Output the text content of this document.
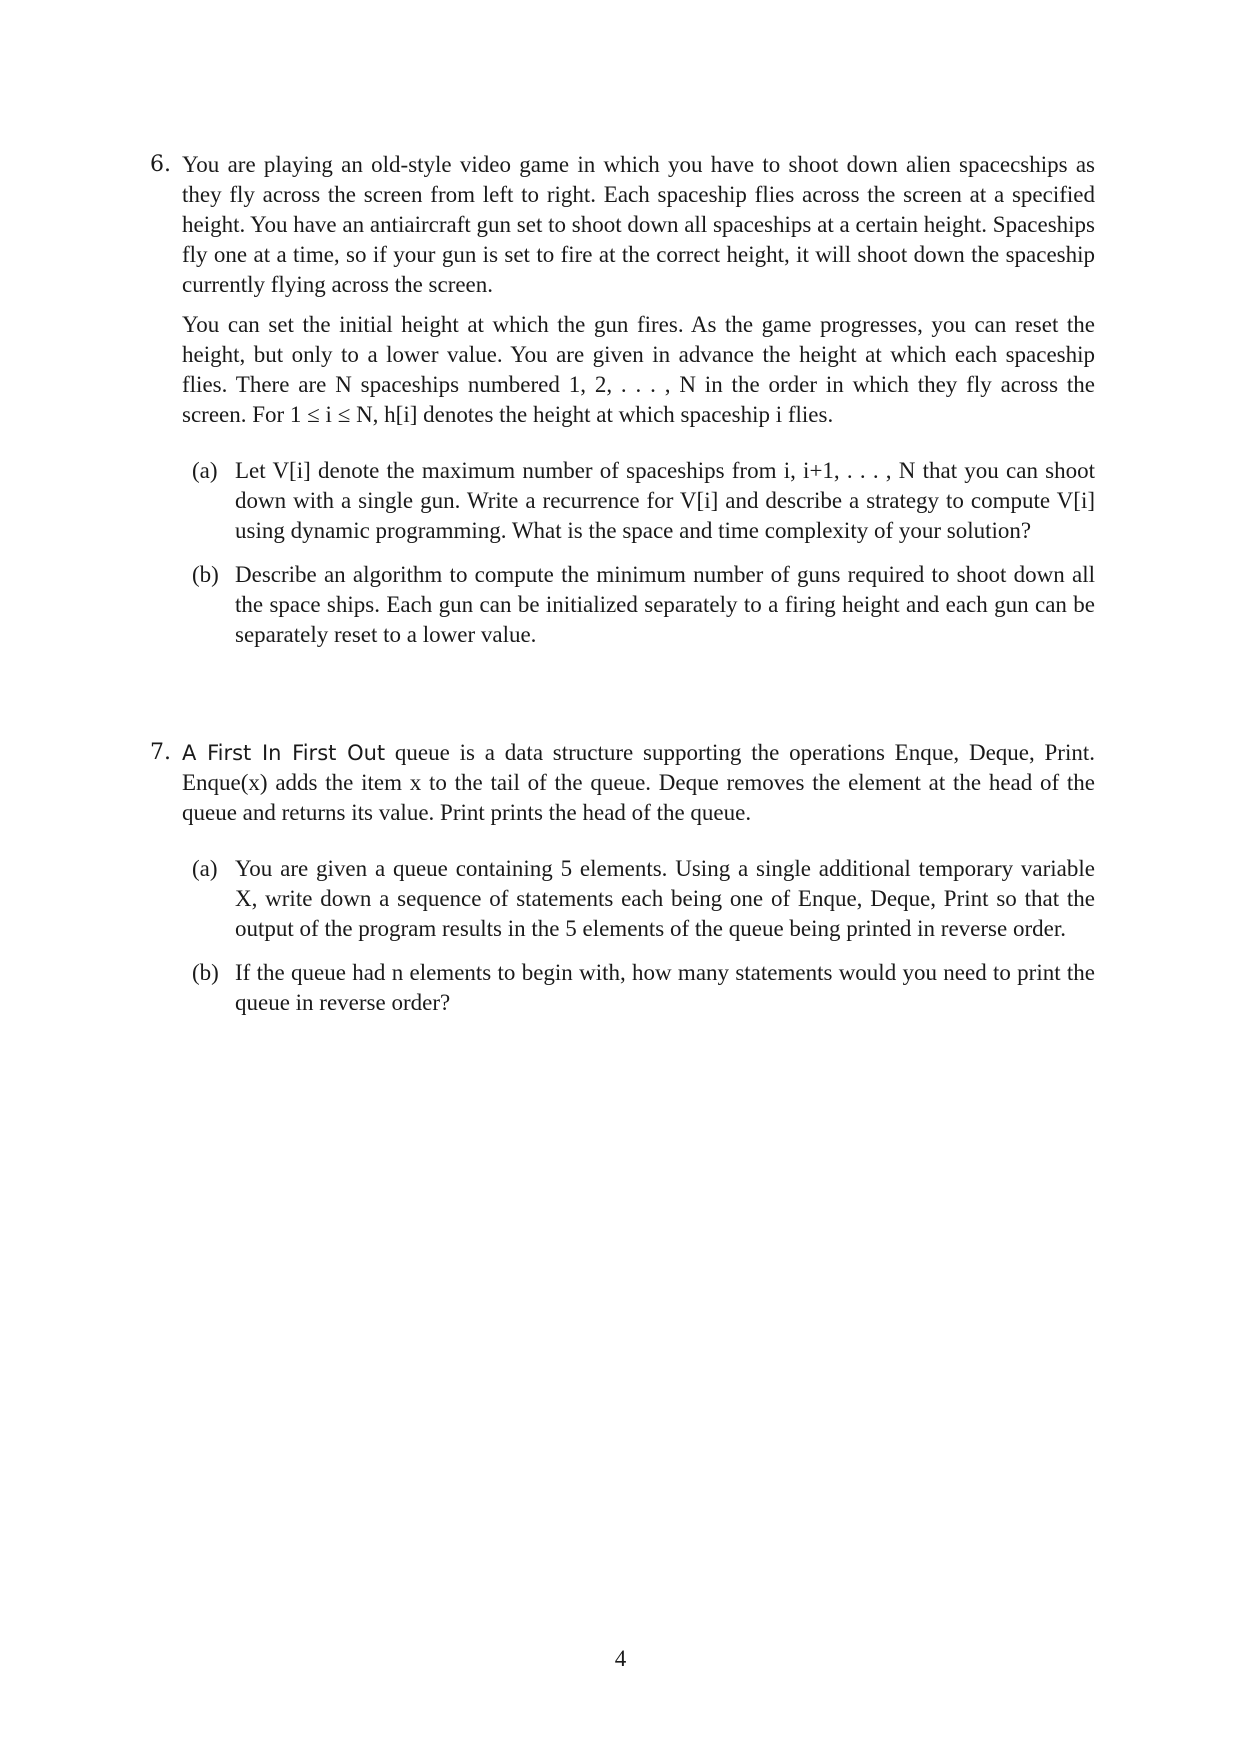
6. You are playing an old-style video game in which you have to shoot down alien spacecships as they fly across the screen from left to right. Each spaceship flies across the screen at a specified height. You have an antiaircraft gun set to shoot down all spaceships at a certain height. Spaceships fly one at a time, so if your gun is set to fire at the correct height, it will shoot down the spaceship currently flying across the screen.

You can set the initial height at which the gun fires. As the game progresses, you can reset the height, but only to a lower value. You are given in advance the height at which each spaceship flies. There are N spaceships numbered 1, 2, . . . , N in the order in which they fly across the screen. For 1 ≤ i ≤ N, h[i] denotes the height at which spaceship i flies.

(a) Let V[i] denote the maximum number of spaceships from i, i+1, . . . , N that you can shoot down with a single gun. Write a recurrence for V[i] and describe a strategy to compute V[i] using dynamic programming. What is the space and time complexity of your solution?
(b) Describe an algorithm to compute the minimum number of guns required to shoot down all the space ships. Each gun can be initialized separately to a firing height and each gun can be separately reset to a lower value.
7. A First In First Out queue is a data structure supporting the operations Enque, Deque, Print. Enque(x) adds the item x to the tail of the queue. Deque removes the element at the head of the queue and returns its value. Print prints the head of the queue.

(a) You are given a queue containing 5 elements. Using a single additional temporary variable X, write down a sequence of statements each being one of Enque, Deque, Print so that the output of the program results in the 5 elements of the queue being printed in reverse order.
(b) If the queue had n elements to begin with, how many statements would you need to print the queue in reverse order?
4
